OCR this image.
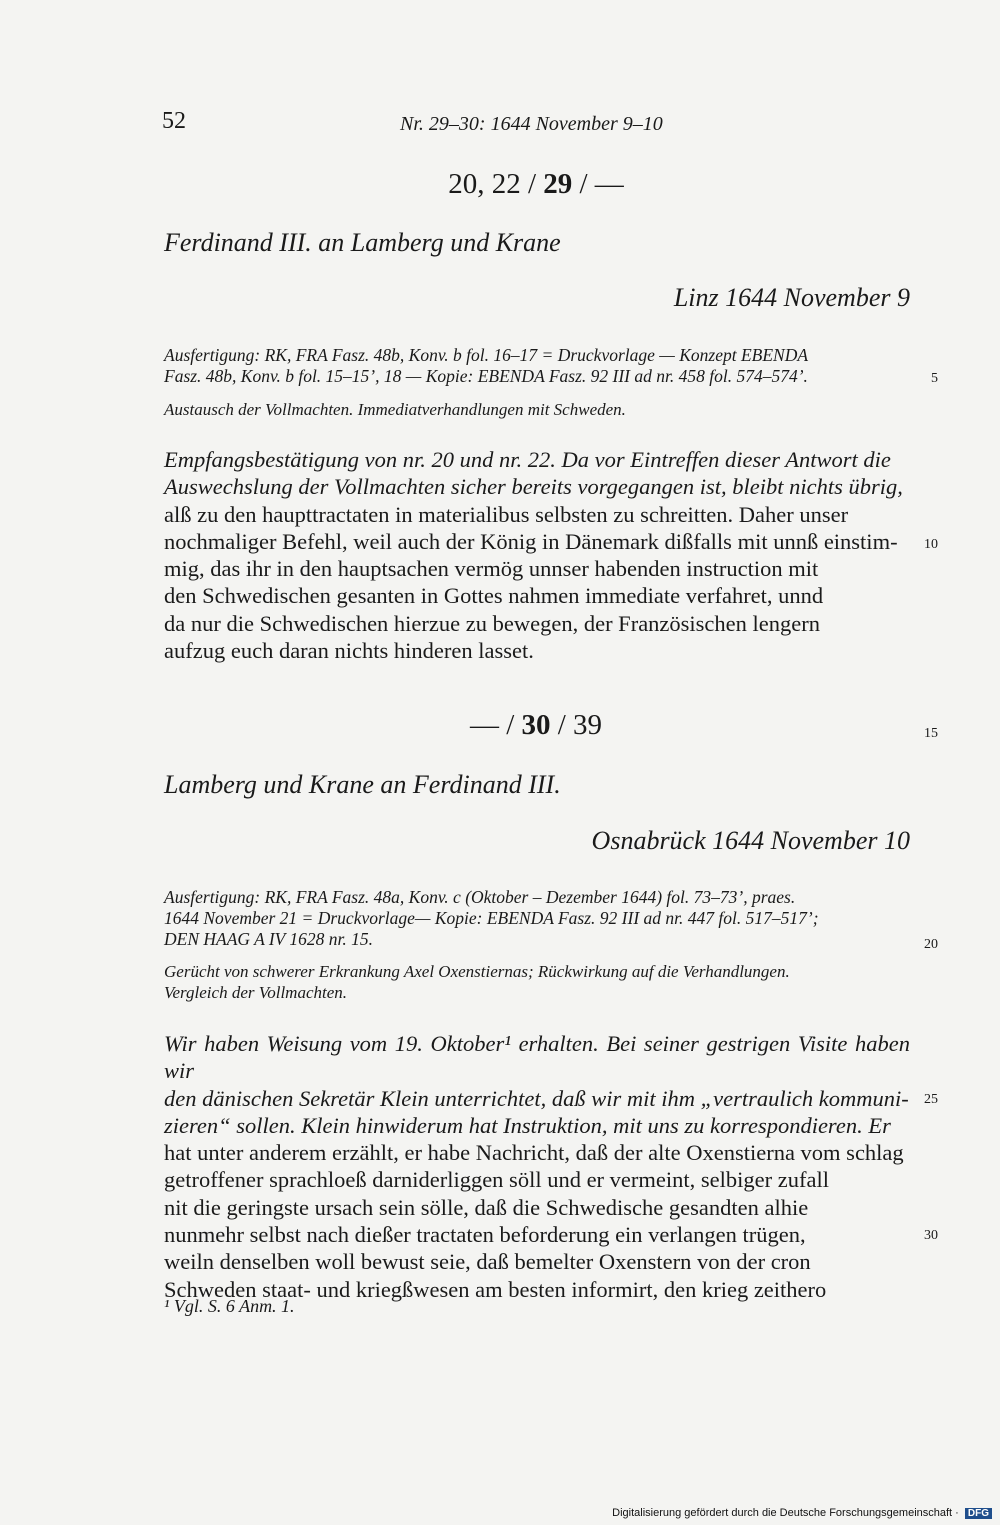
52	Nr. 29–30: 1644 November 9–10
20, 22 / 29 / —
Ferdinand III. an Lamberg und Krane
Linz 1644 November 9
Ausfertigung: RK, FRA Fasz. 48b, Konv. b fol. 16–17 = Druckvorlage — Konzept EBENDA
Fasz. 48b, Konv. b fol. 15–15’, 18 — Kopie: EBENDA Fasz. 92 III ad nr. 458 fol. 574–574’.
Austausch der Vollmachten. Immediatverhandlungen mit Schweden.
Empfangsbestätigung von nr. 20 und nr. 22. Da vor Eintreffen dieser Antwort die
Auswechslung der Vollmachten sicher bereits vorgegangen ist, bleibt nichts übrig,
alß zu den haupttractaten in materialibus selbsten zu schreitten. Daher unser
nochmaliger Befehl, weil auch der König in Dänemark dißfalls mit unnß einstim-
mig, das ihr in den hauptsachen vermög unnser habenden instruction mit
den Schwedischen gesanten in Gottes nahmen immediate verfahret, unnd
da nur die Schwedischen hierzue zu bewegen, der Französischen lengern
aufzug euch daran nichts hinderen lasset.
— / 30 / 39
Lamberg und Krane an Ferdinand III.
Osnabrück 1644 November 10
Ausfertigung: RK, FRA Fasz. 48a, Konv. c (Oktober – Dezember 1644) fol. 73–73’, praes.
1644 November 21 = Druckvorlage— Kopie: EBENDA Fasz. 92 III ad nr. 447 fol. 517–517’;
DEN HAAG A IV 1628 nr. 15.
Gerücht von schwerer Erkrankung Axel Oxenstiernas; Rückwirkung auf die Verhandlungen.
Vergleich der Vollmachten.
Wir haben Weisung vom 19. Oktober¹ erhalten. Bei seiner gestrigen Visite haben wir
den dänischen Sekretär Klein unterrichtet, daß wir mit ihm „vertraulich kommuni-
zieren“ sollen. Klein hinwiderum hat Instruktion, mit uns zu korrespondieren. Er
hat unter anderem erzählt, er habe Nachricht, daß der alte Oxenstierna vom schlag
getroffener sprachloeß darniderliggen söll und er vermeint, selbiger zufall
nit die geringste ursach sein sölle, daß die Schwedische gesandten alhie
nunmehr selbst nach dießer tractaten beforderung ein verlangen trügen,
weiln denselben woll bewust seie, daß bemelter Oxenstern von der cron
Schweden staat- und kriegßwesen am besten informirt, den krieg zeithero
5
10
15
20
25
30
¹ Vgl. S. 6 Anm. 1.
Digitalisierung gefördert durch die Deutsche Forschungsgemeinschaft · DFG
